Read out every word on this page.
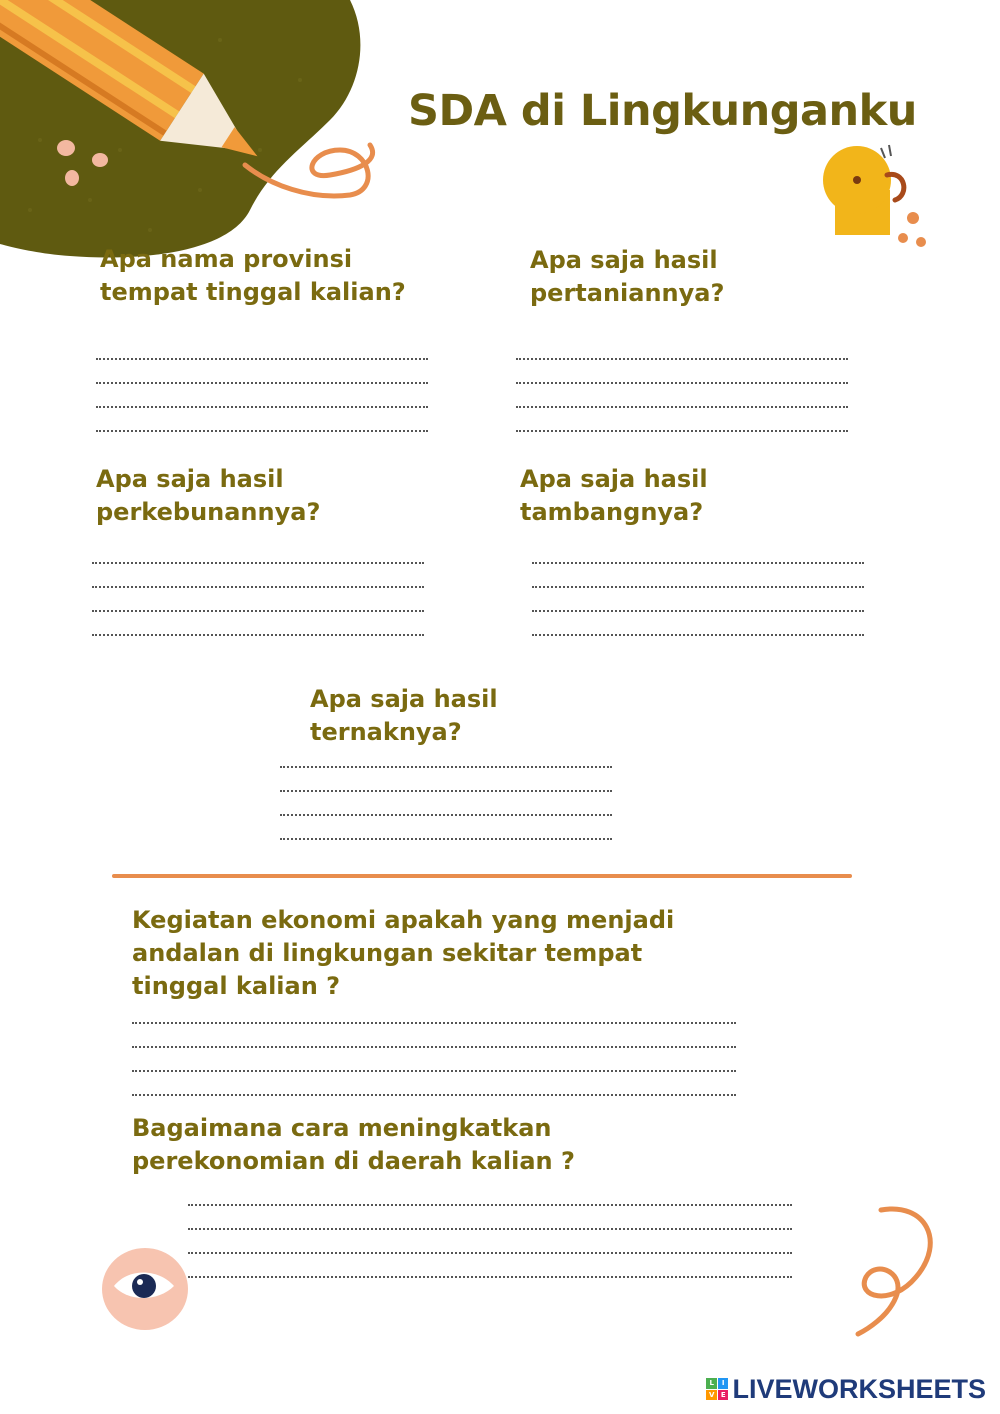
SDA di Lingkunganku

Apa nama provinsi tempat tinggal kalian?

Apa saja hasil pertaniannya?

Apa saja hasil perkebunannya?

Apa saja hasil tambangnya?

Apa saja hasil ternaknya?

Kegiatan ekonomi apakah yang menjadi andalan di lingkungan sekitar tempat tinggal kalian ?

Bagaimana cara meningkatkan perekonomian di daerah kalian ?

L	I
V E LIVEWORKSHEETS
